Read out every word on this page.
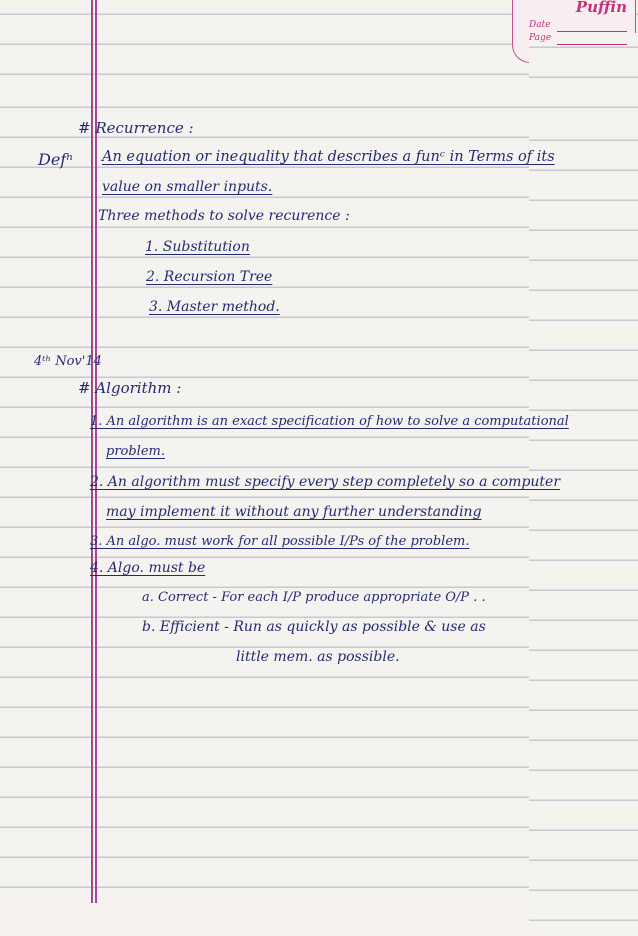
Puffin
Date
Page
# Recurrence :
Defⁿ An equation or inequality that describes a funᶜ in Terms of its
value on smaller inputs.
Three methods to solve recurence :
1. Substitution
2. Recursion Tree
3. Master method.
4ᵗʰ Nov'14
# Algorithm :
1. An algorithm is an exact specification of how to solve a computational
problem.
2. An algorithm must specify every step completely so a computer
may implement it without any further understanding
3. An algo. must work for all possible I/Ps of the problem.
4. Algo. must be
a. Correct - For each I/P produce appropriate O/P . .
b. Efficient - Run as quickly as possible & use as
little mem. as possible.
